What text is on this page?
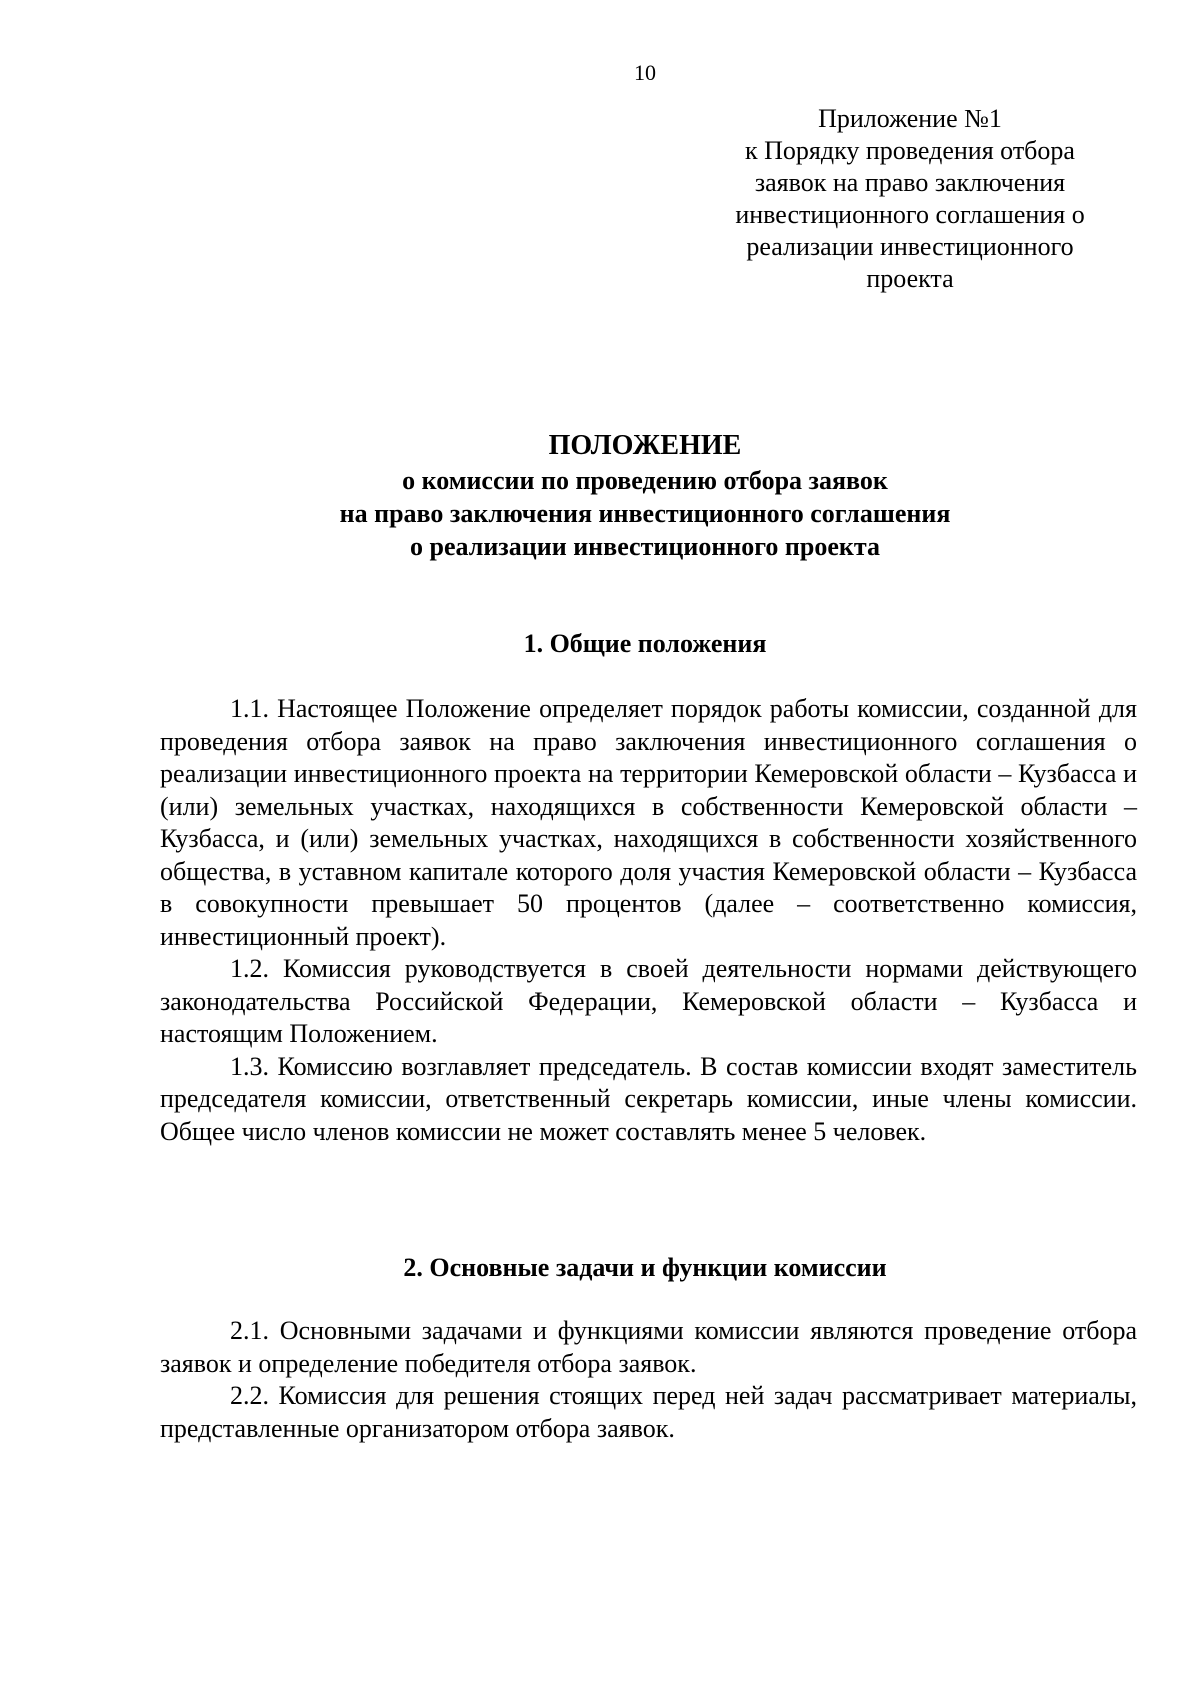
10
Приложение №1
к Порядку проведения отбора
заявок на право заключения
инвестиционного соглашения о
реализации инвестиционного
проекта
ПОЛОЖЕНИЕ
о комиссии по проведению отбора заявок
на право заключения инвестиционного соглашения
о реализации инвестиционного проекта
1. Общие положения

1.1. Настоящее Положение определяет порядок работы комиссии, созданной для проведения отбора заявок на право заключения инвестиционного соглашения о реализации инвестиционного проекта на территории Кемеровской области – Кузбасса и (или) земельных участках, находящихся в собственности Кемеровской области – Кузбасса, и (или) земельных участках, находящихся в собственности хозяйственного общества, в уставном капитале которого доля участия Кемеровской области – Кузбасса в совокупности превышает 50 процентов (далее – соответственно комиссия, инвестиционный проект).

1.2. Комиссия руководствуется в своей деятельности нормами действующего законодательства Российской Федерации, Кемеровской области – Кузбасса и настоящим Положением.

1.3. Комиссию возглавляет председатель. В состав комиссии входят заместитель председателя комиссии, ответственный секретарь комиссии, иные члены комиссии. Общее число членов комиссии не может составлять менее 5 человек.

2. Основные задачи и функции комиссии

2.1. Основными задачами и функциями комиссии являются проведение отбора заявок и определение победителя отбора заявок.

2.2. Комиссия для решения стоящих перед ней задач рассматривает материалы, представленные организатором отбора заявок.
